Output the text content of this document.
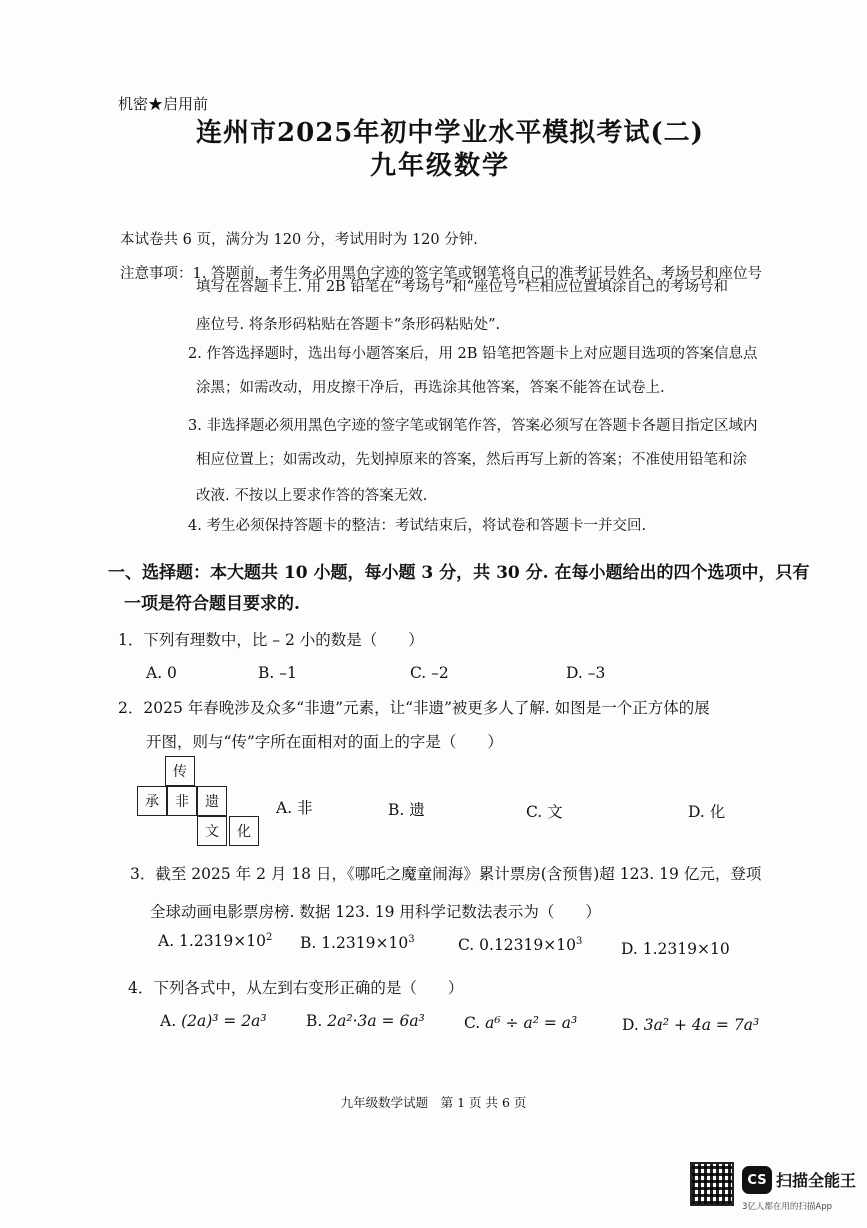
机密★启用前
连州市2025年初中学业水平模拟考试(二)
九年级数学
本试卷共 6 页，满分为 120 分，考试用时为 120 分钟.
注意事项：1. 答题前，考生务必用黑色字迹的签字笔或钢笔将自己的准考证号姓名、考场号和座位号
填写在答题卡上. 用 2B 铅笔在“考场号”和“座位号”栏相应位置填涂自己的考场号和
座位号. 将条形码粘贴在答题卡“条形码粘贴处”.
2. 作答选择题时，选出每小题答案后，用 2B 铅笔把答题卡上对应题目选项的答案信息点
涂黑；如需改动，用皮擦干净后，再选涂其他答案，答案不能答在试卷上.
3. 非选择题必须用黑色字迹的签字笔或钢笔作答，答案必须写在答题卡各题目指定区域内
相应位置上；如需改动，先划掉原来的答案，然后再写上新的答案；不准使用铅笔和涂
改液. 不按以上要求作答的答案无效.
4. 考生必须保持答题卡的整洁：考试结束后，将试卷和答题卡一并交回.
一、选择题：本大题共 10 小题，每小题 3 分，共 30 分. 在每小题给出的四个选项中，只有
一项是符合题目要求的.
1．下列有理数中，比 – 2 小的数是（　　）
A. 0	B. –1	C. –2	D. –3
2．2025 年春晚涉及众多“非遗”元素，让“非遗”被更多人了解. 如图是一个正方体的展
开图，则与“传”字所在面相对的面上的字是（　　）
传
承	非	遗
文	化
A. 非	B. 遗	C. 文	D. 化
3．截至 2025 年 2 月 18 日，《哪吒之魔童闹海》累计票房(含预售)超 123. 19 亿元，登项
全球动画电影票房榜. 数据 123. 19 用科学记数法表示为（　　）
A. $1.2319\times 10^2$ B. $1.2319\times 10^3$	C. $0.12319\times 10^3$ D. 1.2319×10
4．下列各式中，从左到右变形正确的是（　　）
A. (2a)³ = 2a³	B. 2a²·3a = 6a³	C. a⁶ ÷ a² = a³	D. 3a² + 4a = 7a³
九年级数学试题　第 1 页 共 6 页
CS 扫描全能王
3亿人都在用的扫描App
